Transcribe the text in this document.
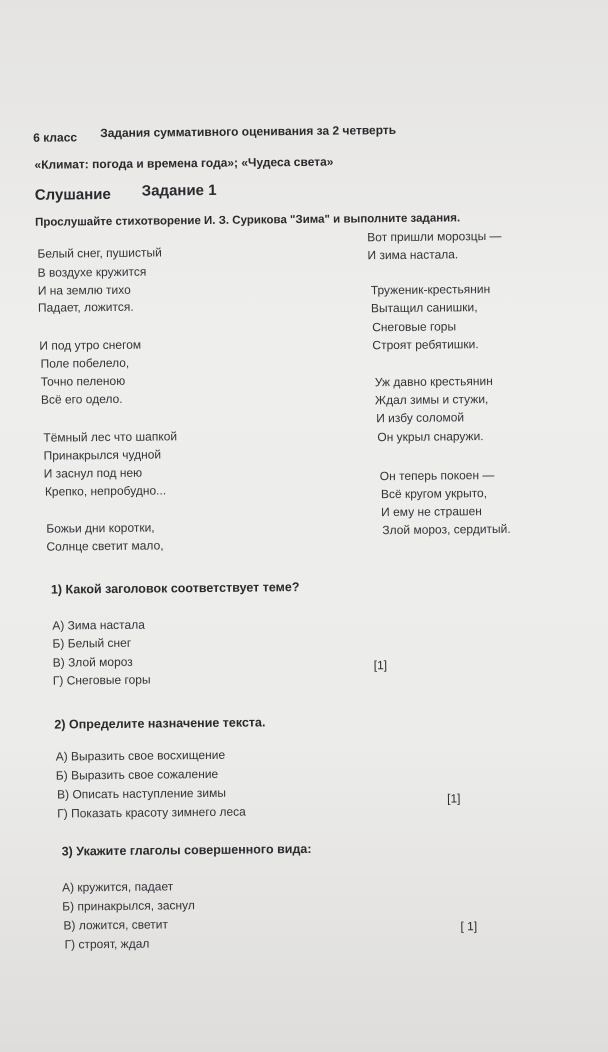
6 класс Задания суммативного оценивания за 2 четверть
«Климат: погода и времена года»; «Чудеса света»
Слушание Задание 1
Прослушайте стихотворение И. З. Сурикова "Зима" и выполните задания.
Белый снег, пушистый
В воздухе кружится
И на землю тихо
Падает, ложится.
И под утро снегом
Поле побелело,
Точно пеленою
Всё его одело.
Тёмный лес что шапкой
Принакрылся чудной
И заснул под нею
Крепко, непробудно...
Божьи дни коротки,
Солнце светит мало,
Вот пришли морозцы —
И зима настала.
Труженик-крестьянин
Вытащил санишки,
Снеговые горы
Строят ребятишки.
Уж давно крестьянин
Ждал зимы и стужи,
И избу соломой
Он укрыл снаружи.
Он теперь покоен —
Всё кругом укрыто,
И ему не страшен
Злой мороз, сердитый.
1) Какой заголовок соответствует теме?
А) Зима настала
Б) Белый снег
В) Злой мороз
Г) Снеговые горы
[1]
2) Определите назначение текста.
А) Выразить свое восхищение
Б) Выразить свое сожаление
В) Описать наступление зимы
Г) Показать красоту зимнего леса
[1]
3) Укажите глаголы совершенного вида:
А) кружится, падает
Б) принакрылся, заснул
В) ложится, светит
Г) строят, ждал
[ 1]
